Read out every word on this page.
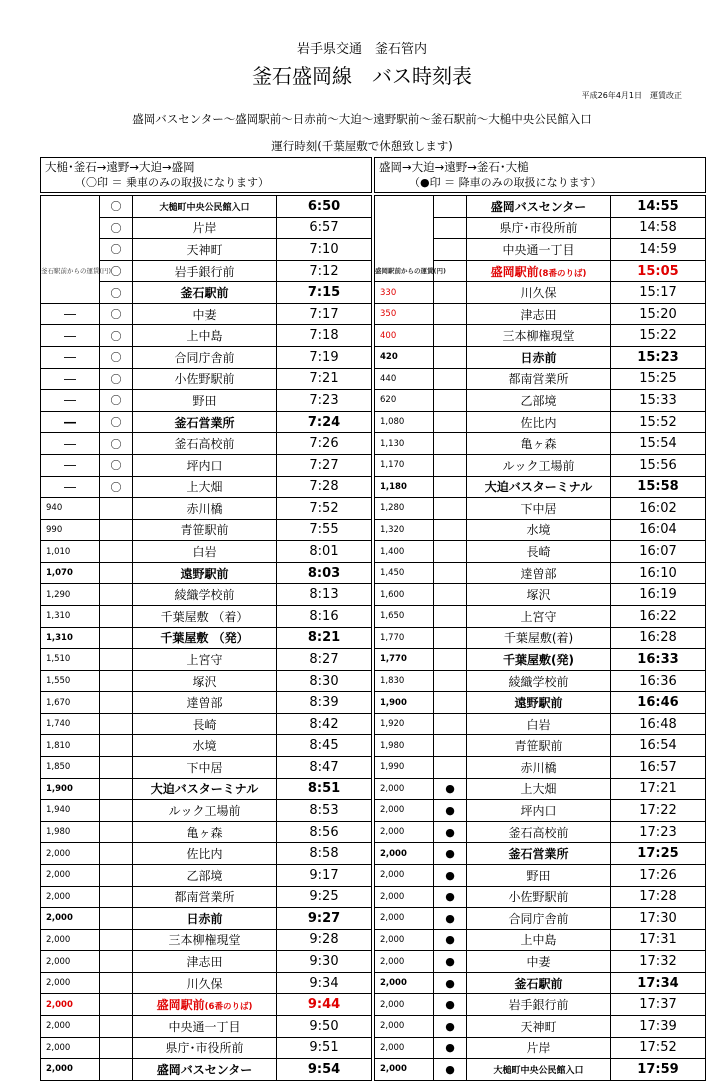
岩手県交通　釜石管内
釜石盛岡線　バス時刻表
平成26年4月1日　運賃改正
盛岡バスセンター～盛岡駅前～日赤前～大迫～遠野駅前～釜石駅前～大槌中央公民館入口
運行時刻(千葉屋敷で休憩致します)
大槌･釜石→遠野→大迫→盛岡
（〇印 ＝ 乗車のみの取扱になります）
	〇	大槌町中央公民館入口	6:50
	〇	片岸	6:57
	〇	天神町	7:10

釜石駅前からの運賃(円)	〇	岩手銀行前	7:12
	〇	釜石駅前	7:15
―	〇	中妻	7:17
―	〇	上中島	7:18
―	〇	合同庁舎前	7:19
―	〇	小佐野駅前	7:21
―	〇	野田	7:23
―	〇	釜石営業所	7:24
―	〇	釜石高校前	7:26
―	〇	坪内口	7:27
―	〇	上大畑	7:28
940		赤川橋	7:52
990		青笹駅前	7:55
1,010		白岩	8:01
1,070		遠野駅前	8:03
1,290		綾織学校前	8:13
1,310		千葉屋敷 （着）	8:16
1,310		千葉屋敷 （発）	8:21
1,510		上宮守	8:27
1,550		塚沢	8:30
1,670		達曽部	8:39
1,740		長崎	8:42
1,810		水境	8:45
1,850		下中居	8:47
1,900		大迫バスターミナル	8:51
1,940		ルック工場前	8:53
1,980		亀ヶ森	8:56
2,000		佐比内	8:58
2,000		乙部境	9:17
2,000		都南営業所	9:25
2,000		日赤前	9:27
2,000		三本柳権現堂	9:28
2,000		津志田	9:30
2,000		川久保	9:34
2,000		盛岡駅前(6番のりば)	9:44
2,000		中央通一丁目	9:50
2,000		県庁･市役所前	9:51
2,000		盛岡バスセンター	9:54
盛岡→大迫→遠野→釜石･大槌
（●印 ＝ 降車のみの取扱になります）
		盛岡バスセンター	14:55
		県庁･市役所前	14:58
		中央通一丁目	14:59

盛岡駅前からの運賃(円)		盛岡駅前(8番のりば)	15:05
330		川久保	15:17
350		津志田	15:20
400		三本柳権現堂	15:22
420		日赤前	15:23
440		都南営業所	15:25
620		乙部境	15:33
1,080		佐比内	15:52
1,130		亀ヶ森	15:54
1,170		ルック工場前	15:56
1,180		大迫バスターミナル	15:58
1,280		下中居	16:02
1,320		水境	16:04
1,400		長崎	16:07
1,450		達曽部	16:10
1,600		塚沢	16:19
1,650		上宮守	16:22
1,770		千葉屋敷(着)	16:28
1,770		千葉屋敷(発)	16:33
1,830		綾織学校前	16:36
1,900		遠野駅前	16:46
1,920		白岩	16:48
1,980		青笹駅前	16:54
1,990		赤川橋	16:57
2,000	●	上大畑	17:21
2,000	●	坪内口	17:22
2,000	●	釜石高校前	17:23
2,000	●	釜石営業所	17:25
2,000	●	野田	17:26
2,000	●	小佐野駅前	17:28
2,000	●	合同庁舎前	17:30
2,000	●	上中島	17:31
2,000	●	中妻	17:32
2,000	●	釜石駅前	17:34
2,000	●	岩手銀行前	17:37
2,000	●	天神町	17:39
2,000	●	片岸	17:52
2,000	●	大槌町中央公民館入口	17:59
